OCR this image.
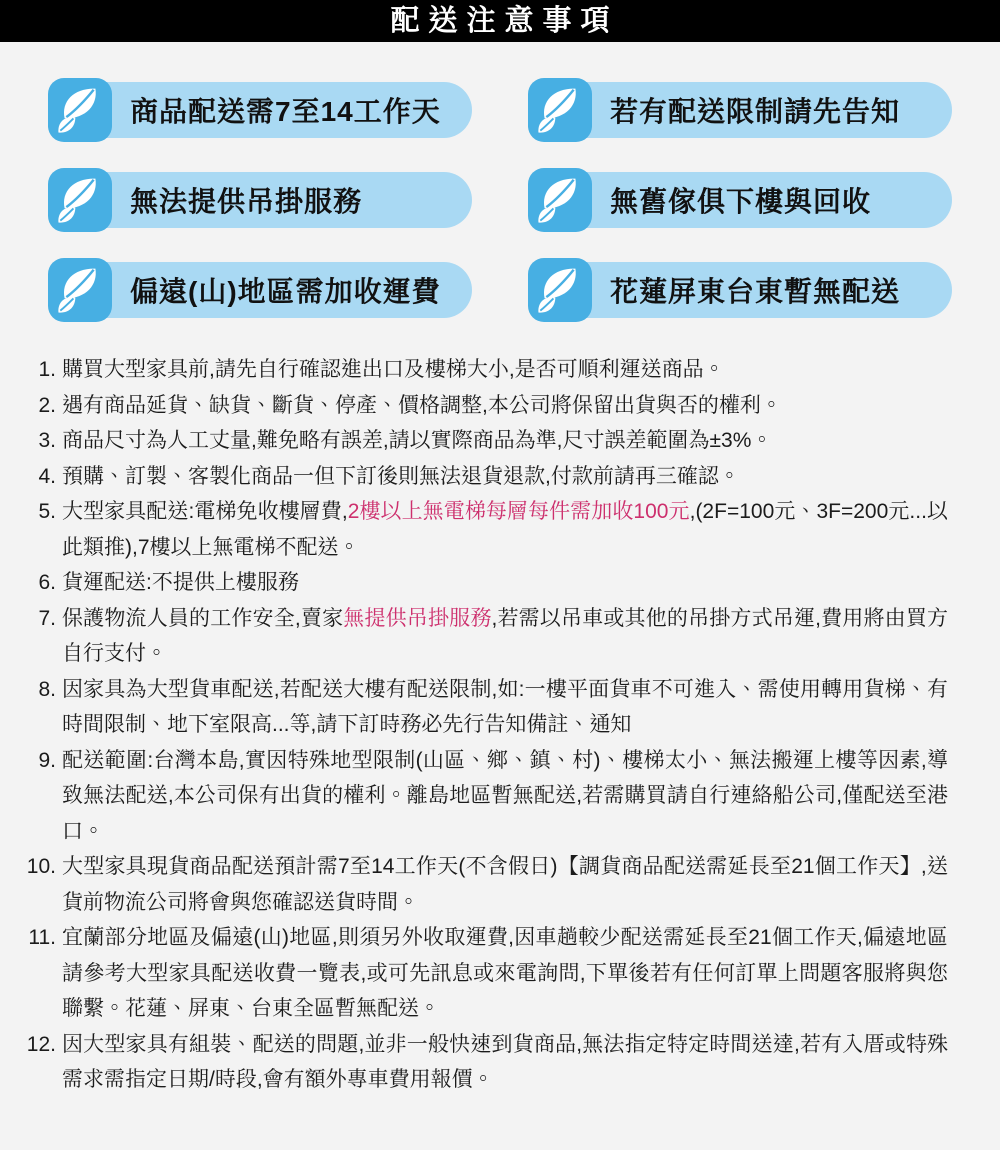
配送注意事項
商品配送需7至14工作天	若有配送限制請先告知
無法提供吊掛服務	無舊傢俱下樓與回收
偏遠(山)地區需加收運費	花蓮屏東台東暫無配送
1. 購買大型家具前,請先自行確認進出口及樓梯大小,是否可順利運送商品。
2. 遇有商品延貨、缺貨、斷貨、停產、價格調整,本公司將保留出貨與否的權利。
3. 商品尺寸為人工丈量,難免略有誤差,請以實際商品為準,尺寸誤差範圍為±3%。
4. 預購、訂製、客製化商品一但下訂後則無法退貨退款,付款前請再三確認。
5. 大型家具配送:電梯免收樓層費,2樓以上無電梯每層每件需加收100元,(2F=100元、3F=200元...以此類推),7樓以上無電梯不配送。
6. 貨運配送:不提供上樓服務
7. 保護物流人員的工作安全,賣家無提供吊掛服務,若需以吊車或其他的吊掛方式吊運,費用將由買方自行支付。
8. 因家具為大型貨車配送,若配送大樓有配送限制,如:一樓平面貨車不可進入、需使用轉用貨梯、有時間限制、地下室限高...等,請下訂時務必先行告知備註、通知
9. 配送範圍:台灣本島,實因特殊地型限制(山區、鄉、鎮、村)、樓梯太小、無法搬運上樓等因素,導致無法配送,本公司保有出貨的權利。離島地區暫無配送,若需購買請自行連絡船公司,僅配送至港口。
10. 大型家具現貨商品配送預計需7至14工作天(不含假日)【調貨商品配送需延長至21個工作天】,送貨前物流公司將會與您確認送貨時間。
11. 宜蘭部分地區及偏遠(山)地區,則須另外收取運費,因車趟較少配送需延長至21個工作天,偏遠地區請參考大型家具配送收費一覽表,或可先訊息或來電詢問,下單後若有任何訂單上問題客服將與您聯繫。花蓮、屏東、台東全區暫無配送。
12. 因大型家具有組裝、配送的問題,並非一般快速到貨商品,無法指定特定時間送達,若有入厝或特殊需求需指定日期/時段,會有額外專車費用報價。
